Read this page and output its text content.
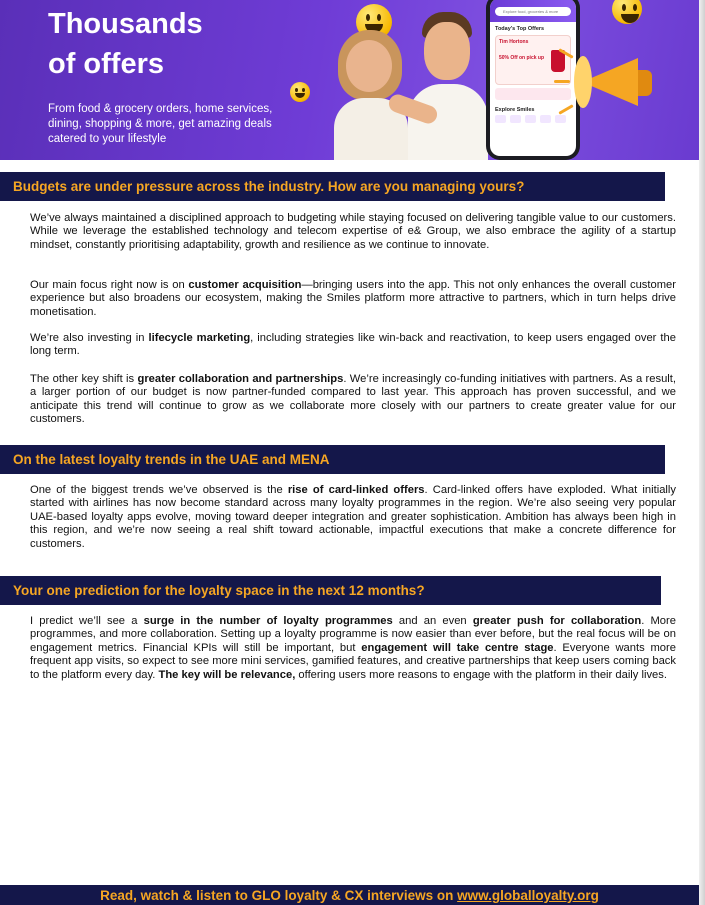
Thousands
of offers
From food & grocery orders, home services, dining, shopping & more, get amazing deals catered to your lifestyle
Explore food, groceries & more
Today's Top Offers
Tim Hortons
50% Off on pick up
Explore Smiles
Budgets are under pressure across the industry. How are you managing yours?

We’ve always maintained a disciplined approach to budgeting while staying focused on delivering tangible value to our customers. While we leverage the established technology and telecom expertise of e& Group, we also embrace the agility of a startup mindset, constantly prioritising adaptability, growth and resilience as we continue to innovate.

Our main focus right now is on customer acquisition—bringing users into the app. This not only enhances the overall customer experience but also broadens our ecosystem, making the Smiles platform more attractive to partners, which in turn helps drive monetisation.

We’re also investing in lifecycle marketing, including strategies like win-back and reactivation, to keep users engaged over the long term.

The other key shift is greater collaboration and partnerships. We’re increasingly co-funding initiatives with partners. As a result, a larger portion of our budget is now partner-funded compared to last year. This approach has proven successful, and we anticipate this trend will continue to grow as we collaborate more closely with our partners to create greater value for our customers.

On the latest loyalty trends in the UAE and MENA

One of the biggest trends we’ve observed is the rise of card-linked offers. Card-linked offers have exploded. What initially started with airlines has now become standard across many loyalty programmes in the region. We’re also seeing very popular UAE-based loyalty apps evolve, moving toward deeper integration and greater sophistication. Ambition has always been high in this region, and we’re now seeing a real shift toward actionable, impactful executions that make a concrete difference for customers.

Your one prediction for the loyalty space in the next 12 months?

I predict we’ll see a surge in the number of loyalty programmes and an even greater push for collaboration. More programmes, and more collaboration. Setting up a loyalty programme is now easier than ever before, but the real focus will be on engagement metrics. Financial KPIs will still be important, but engagement will take centre stage. Everyone wants more frequent app visits, so expect to see more mini services, gamified features, and creative partnerships that keep users coming back to the platform every day. The key will be relevance, offering users more reasons to engage with the platform in their daily lives.

Read, watch & listen to GLO loyalty & CX interviews on www.globalloyalty.org
